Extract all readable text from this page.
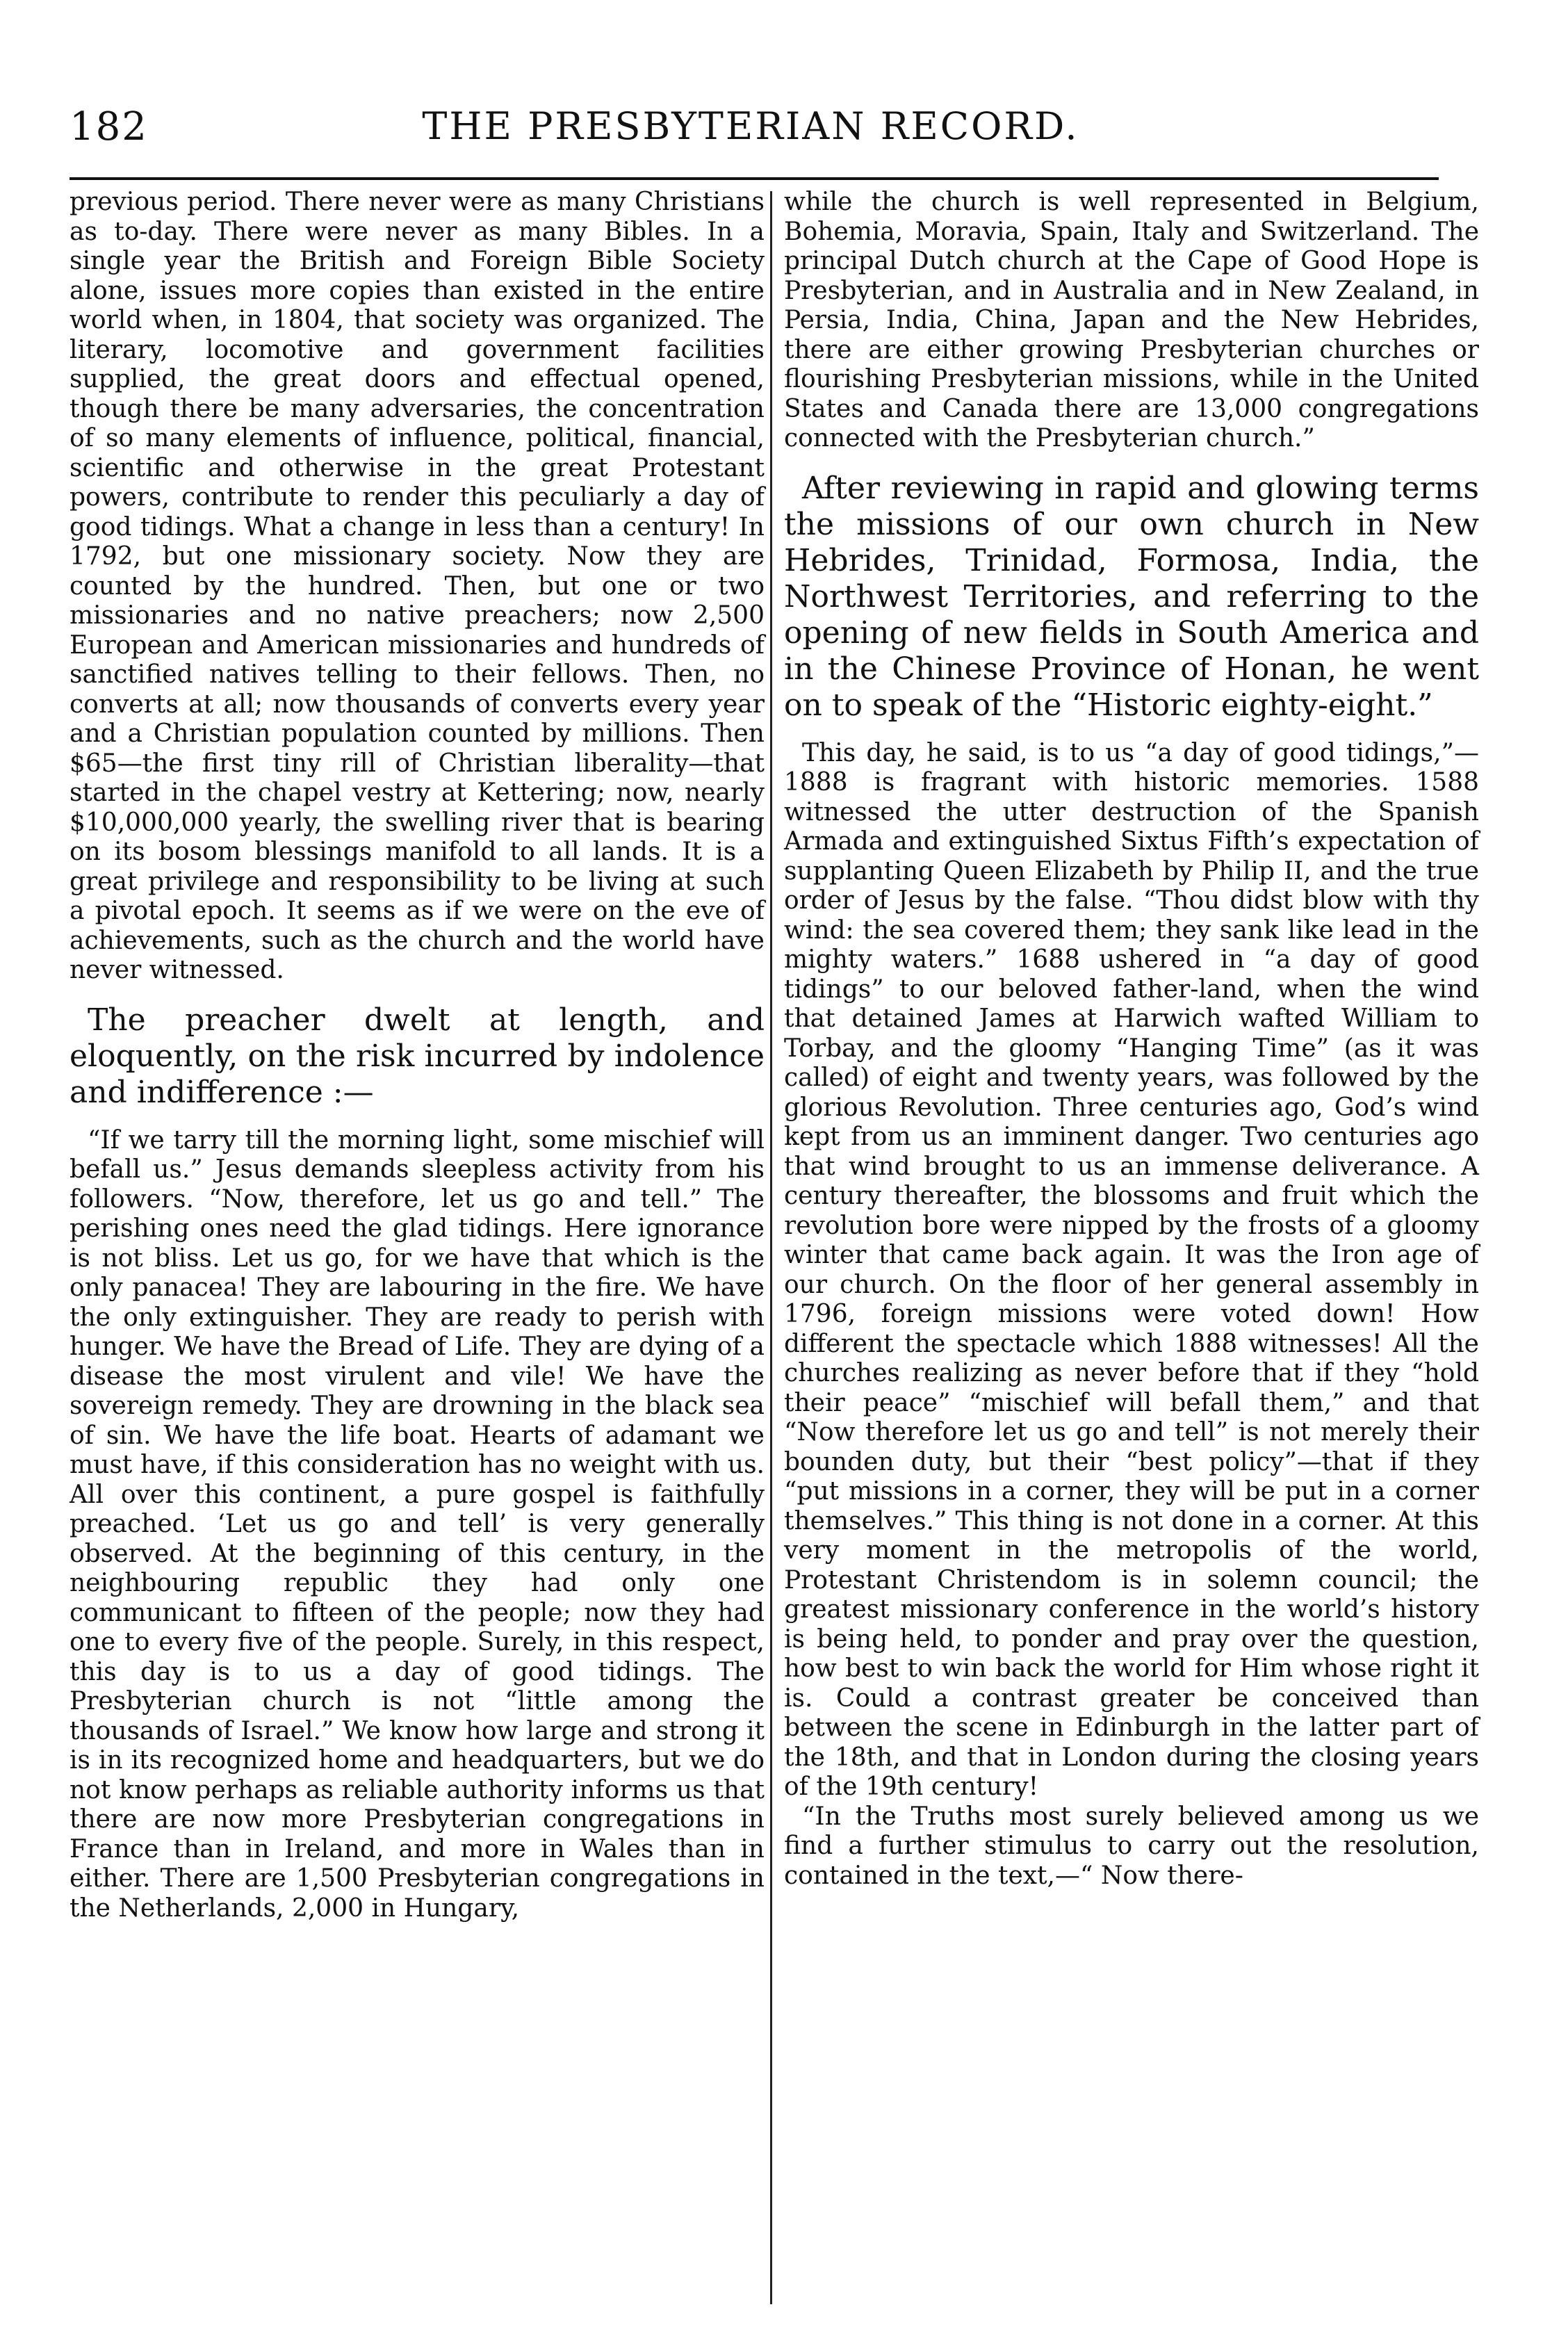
182	THE PRESBYTERIAN RECORD.

previous period. There never were as many Christians as to-day. There were never as many Bibles. In a single year the British and Foreign Bible Society alone, issues more copies than existed in the entire world when, in 1804, that society was organized. The literary, locomotive and government facilities supplied, the great doors and effectual opened, though there be many adversaries, the concentration of so many elements of influence, political, financial, scientific and otherwise in the great Protestant powers, contribute to render this peculiarly a day of good tidings. What a change in less than a century! In 1792, but one missionary society. Now they are counted by the hundred. Then, but one or two missionaries and no native preachers; now 2,500 European and American missionaries and hundreds of sanctified natives telling to their fellows. Then, no converts at all; now thousands of converts every year and a Christian population counted by millions. Then $65—the first tiny rill of Christian liberality—that started in the chapel vestry at Kettering; now, nearly $10,000,000 yearly, the swelling river that is bearing on its bosom blessings manifold to all lands. It is a great privilege and responsibility to be living at such a pivotal epoch. It seems as if we were on the eve of achievements, such as the church and the world have never witnessed.

The preacher dwelt at length, and eloquently, on the risk incurred by indolence and indifference :—

“If we tarry till the morning light, some mischief will befall us.” Jesus demands sleepless activity from his followers. “Now, therefore, let us go and tell.” The perishing ones need the glad tidings. Here ignorance is not bliss. Let us go, for we have that which is the only panacea! They are labouring in the fire. We have the only extinguisher. They are ready to perish with hunger. We have the Bread of Life. They are dying of a disease the most virulent and vile! We have the sovereign remedy. They are drowning in the black sea of sin. We have the life boat. Hearts of adamant we must have, if this consideration has no weight with us. All over this continent, a pure gospel is faithfully preached. ‘Let us go and tell’ is very generally observed. At the beginning of this century, in the neighbouring republic they had only one communicant to fifteen of the people; now they had one to every five of the people. Surely, in this respect, this day is to us a day of good tidings. The Presbyterian church is not “little among the thousands of Israel.” We know how large and strong it is in its recognized home and headquarters, but we do not know perhaps as reliable authority informs us that there are now more Presbyterian congregations in France than in Ireland, and more in Wales than in either. There are 1,500 Presbyterian congregations in the Netherlands, 2,000 in Hungary,

while the church is well represented in Belgium, Bohemia, Moravia, Spain, Italy and Switzerland. The principal Dutch church at the Cape of Good Hope is Presbyterian, and in Australia and in New Zealand, in Persia, India, China, Japan and the New Hebrides, there are either growing Presbyterian churches or flourishing Presbyterian missions, while in the United States and Canada there are 13,000 congregations connected with the Presbyterian church.”

After reviewing in rapid and glowing terms the missions of our own church in New Hebrides, Trinidad, Formosa, India, the Northwest Territories, and referring to the opening of new fields in South America and in the Chinese Province of Honan, he went on to speak of the “Historic eighty-eight.”

This day, he said, is to us “a day of good tidings,”—1888 is fragrant with historic memories. 1588 witnessed the utter destruction of the Spanish Armada and extinguished Sixtus Fifth’s expectation of supplanting Queen Elizabeth by Philip II, and the true order of Jesus by the false. “Thou didst blow with thy wind: the sea covered them; they sank like lead in the mighty waters.” 1688 ushered in “a day of good tidings” to our beloved father-land, when the wind that detained James at Harwich wafted William to Torbay, and the gloomy “Hanging Time” (as it was called) of eight and twenty years, was followed by the glorious Revolution. Three centuries ago, God’s wind kept from us an imminent danger. Two centuries ago that wind brought to us an immense deliverance. A century thereafter, the blossoms and fruit which the revolution bore were nipped by the frosts of a gloomy winter that came back again. It was the Iron age of our church. On the floor of her general assembly in 1796, foreign missions were voted down! How different the spectacle which 1888 witnesses! All the churches realizing as never before that if they “hold their peace” “mischief will befall them,” and that “Now therefore let us go and tell” is not merely their bounden duty, but their “best policy”—that if they “put missions in a corner, they will be put in a corner themselves.” This thing is not done in a corner. At this very moment in the metropolis of the world, Protestant Christendom is in solemn council; the greatest missionary conference in the world’s history is being held, to ponder and pray over the question, how best to win back the world for Him whose right it is. Could a contrast greater be conceived than between the scene in Edinburgh in the latter part of the 18th, and that in London during the closing years of the 19th century!

“In the Truths most surely believed among us we find a further stimulus to carry out the resolution, contained in the text,—“ Now there-
